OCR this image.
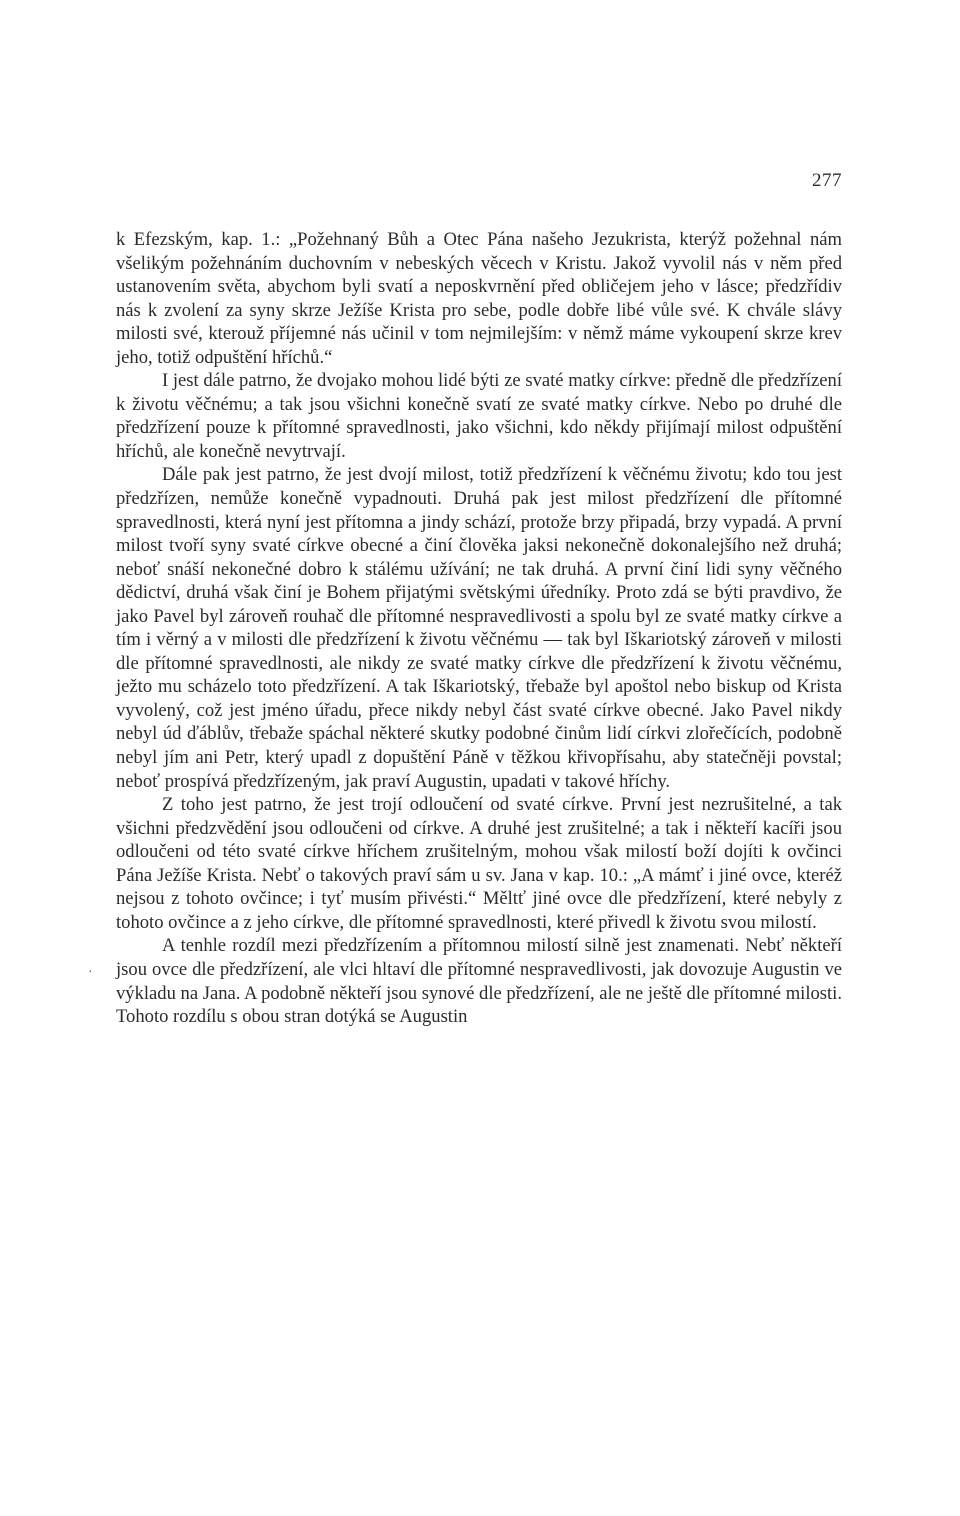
277

k Efezským, kap. 1.: „Požehnaný Bůh a Otec Pána našeho Jezukrista, kterýž požehnal nám všelikým požehnáním duchovním v nebeských věcech v Kristu. Jakož vyvolil nás v něm před ustanovením světa, abychom byli svatí a neposkvrnění před obličejem jeho v lásce; předzřídiv nás k zvolení za syny skrze Ježíše Krista pro sebe, podle dobře libé vůle své. K chvále slávy milosti své, kterouž příjemné nás učinil v tom nejmilejším: v němž máme vykoupení skrze krev jeho, totiž odpuštění hříchů.“

I jest dále patrno, že dvojako mohou lidé býti ze svaté matky církve: předně dle předzřízení k životu věčnému; a tak jsou všichni konečně svatí ze svaté matky církve. Nebo po druhé dle předzřízení pouze k přítomné spravedlnosti, jako všichni, kdo někdy přijímají milost odpuštění hříchů, ale konečně nevytrvají.

Dále pak jest patrno, že jest dvojí milost, totiž předzřízení k věčnému životu; kdo tou jest předzřízen, nemůže konečně vypadnouti. Druhá pak jest milost předzřízení dle přítomné spravedlnosti, která nyní jest přítomna a jindy schází, protože brzy připadá, brzy vypadá. A první milost tvoří syny svaté církve obecné a činí člověka jaksi nekonečně dokonalejšího než druhá; neboť snáší nekonečné dobro k stálému užívání; ne tak druhá. A první činí lidi syny věčného dědictví, druhá však činí je Bohem přijatými světskými úředníky. Proto zdá se býti pravdivo, že jako Pavel byl zároveň rouhač dle přítomné nespravedlivosti a spolu byl ze svaté matky církve a tím i věrný a v milosti dle předzřízení k životu věčnému — tak byl Iškariotský zároveň v milosti dle přítomné spravedlnosti, ale nikdy ze svaté matky církve dle předzřízení k životu věčnému, ježto mu scházelo toto předzřízení. A tak Iškariotský, třebaže byl apoštol nebo biskup od Krista vyvolený, což jest jméno úřadu, přece nikdy nebyl část svaté církve obecné. Jako Pavel nikdy nebyl úd ďáblův, třebaže spáchal některé skutky podobné činům lidí církvi zlořečících, podobně nebyl jím ani Petr, který upadl z dopuštění Páně v těžkou křivopřísahu, aby statečněji povstal; neboť prospívá předzřízeným, jak praví Augustin, upadati v takové hříchy.

Z toho jest patrno, že jest trojí odloučení od svaté církve. První jest nezrušitelné, a tak všichni předzvědění jsou odloučeni od církve. A druhé jest zrušitelné; a tak i někteří kacíři jsou odloučeni od této svaté církve hříchem zrušitelným, mohou však milostí boží dojíti k ovčinci Pána Ježíše Krista. Nebť o takových praví sám u sv. Jana v kap. 10.: „A mámť i jiné ovce, kteréž nejsou z tohoto ovčince; i tyť musím přivésti.“ Měltť jiné ovce dle předzřízení, které nebyly z tohoto ovčince a z jeho církve, dle přítomné spravedlnosti, které přivedl k životu svou milostí.

A tenhle rozdíl mezi předzřízením a přítomnou milostí silně jest znamenati. Nebť někteří jsou ovce dle předzřízení, ale vlci hltaví dle přítomné nespravedlivosti, jak dovozuje Augustin ve výkladu na Jana. A podobně někteří jsou synové dle předzřízení, ale ne ještě dle přítomné milosti. Tohoto rozdílu s obou stran dotýká se Augustin

·
